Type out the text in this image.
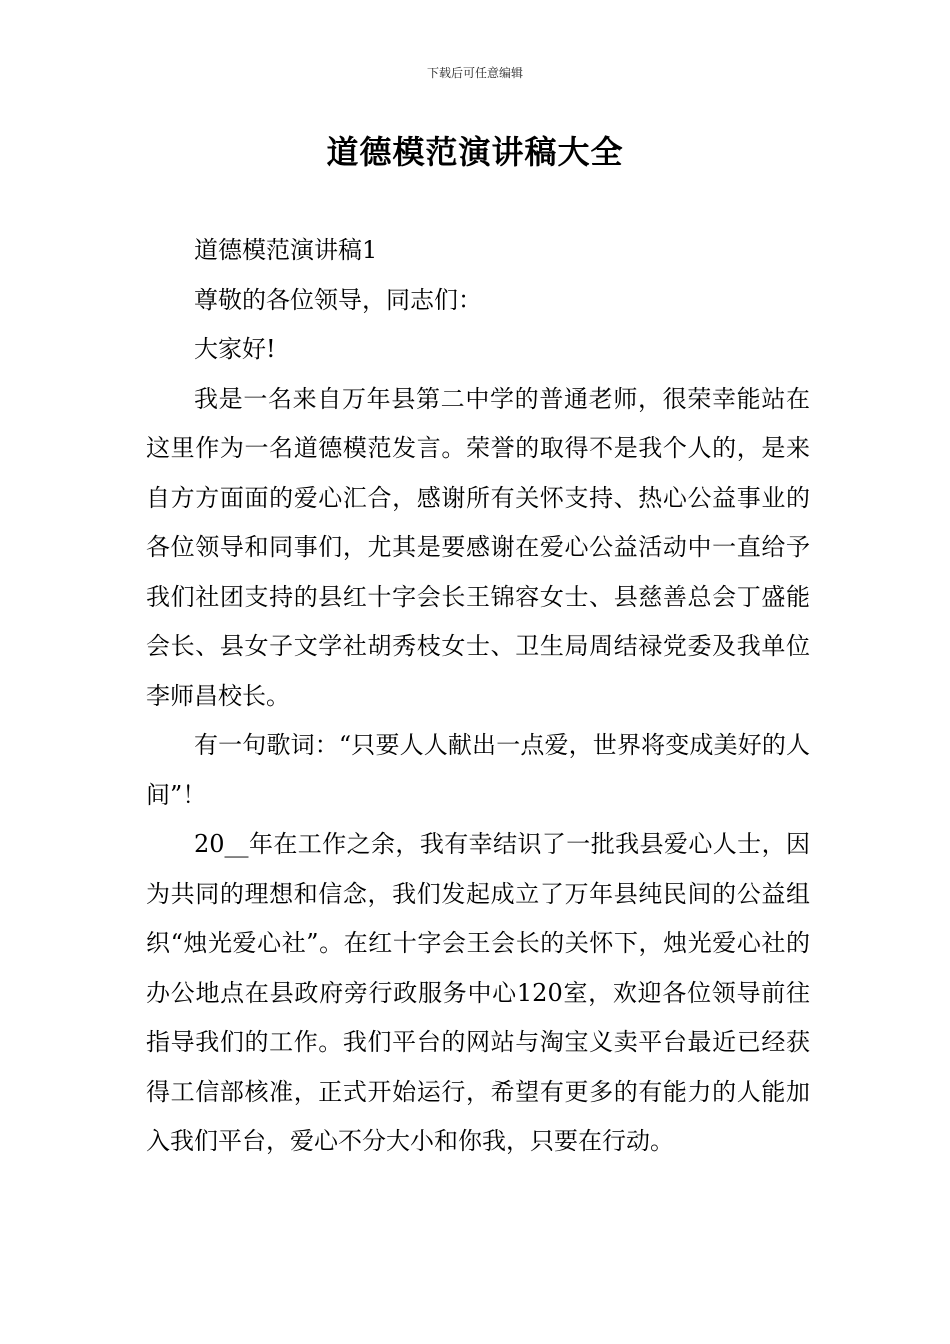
下载后可任意编辑
道德模范演讲稿大全

道德模范演讲稿1

尊敬的各位领导，同志们：

大家好!

我是一名来自万年县第二中学的普通老师，很荣幸能站在这里作为一名道德模范发言。荣誉的取得不是我个人的，是来自方方面面的爱心汇合，感谢所有关怀支持、热心公益事业的各位领导和同事们，尤其是要感谢在爱心公益活动中一直给予我们社团支持的县红十字会长王锦容女士、县慈善总会丁盛能会长、县女子文学社胡秀枝女士、卫生局周结禄党委及我单位李师昌校长。

有一句歌词：“只要人人献出一点爱，世界将变成美好的人间”！

20__年在工作之余，我有幸结识了一批我县爱心人士，因为共同的理想和信念，我们发起成立了万年县纯民间的公益组织“烛光爱心社”。在红十字会王会长的关怀下，烛光爱心社的办公地点在县政府旁行政服务中心120室，欢迎各位领导前往指导我们的工作。我们平台的网站与淘宝义卖平台最近已经获得工信部核准，正式开始运行，希望有更多的有能力的人能加入我们平台，爱心不分大小和你我，只要在行动。
